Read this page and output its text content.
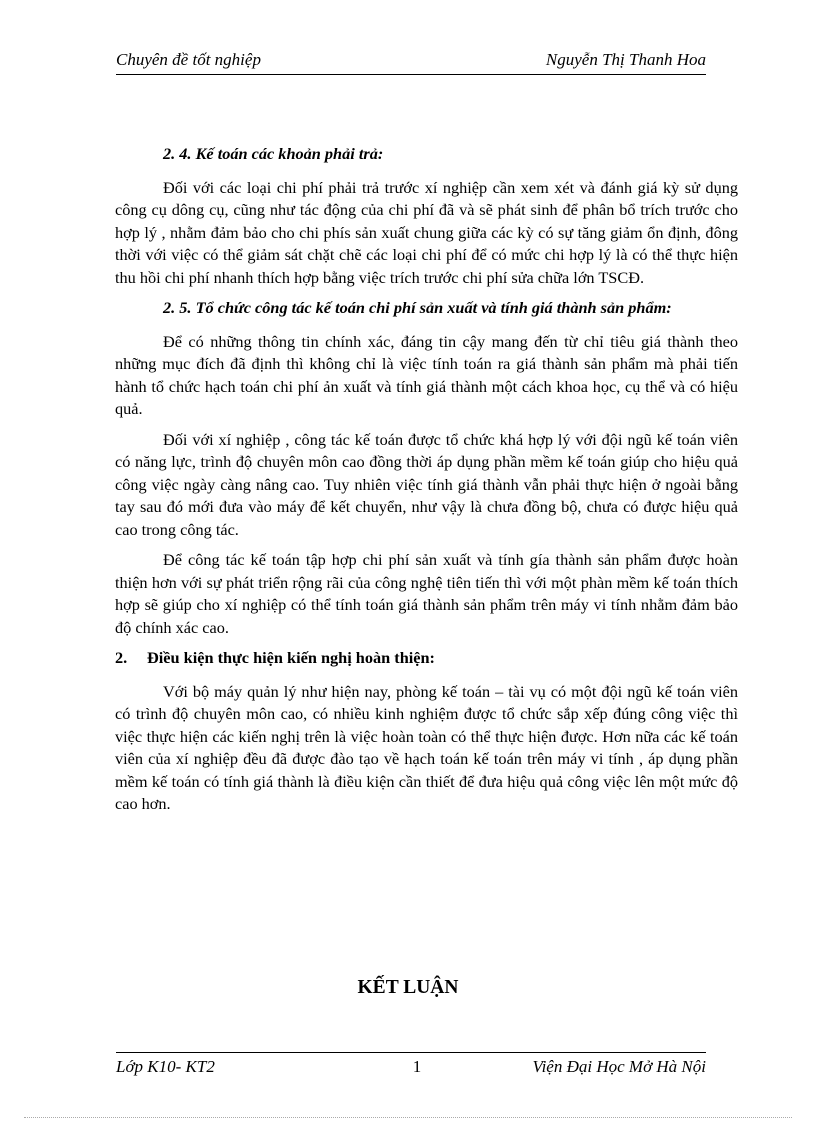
Chuyên đề tốt nghiệp	Nguyễn Thị Thanh Hoa

2. 4. Kế toán các khoản phải trả:

Đối với các loại chi phí phải trả trước xí nghiệp cần xem xét và đánh giá kỳ sử dụng công cụ dông cụ, cũng như tác động của chi phí đã và sẽ phát sinh để phân bổ trích trước cho hợp lý , nhằm đảm bảo cho chi phís sản xuất chung giữa các kỳ có sự tăng giảm ổn định, đông thời với việc có thể giảm sát chặt chẽ các loại chi phí để có mức chi hợp lý là có thể thực hiện thu hồi chi phí nhanh thích hợp bằng việc trích trước chi phí sửa chữa lớn TSCĐ.

2. 5. Tổ chức công tác kế toán chi phí sản xuất và tính giá thành sản phẩm:

Để có những thông tin chính xác, đáng tin cậy mang đến từ chỉ tiêu giá thành theo những mục đích đã định thì không chỉ là việc tính toán ra giá thành sản phẩm mà phải tiến hành tổ chức hạch toán chi phí ản xuất và tính giá thành một cách khoa học, cụ thể và có hiệu quả.

Đối với xí nghiệp , công tác kế toán được tổ chức khá hợp lý với đội ngũ kế toán viên có năng lực, trình độ chuyên môn cao đồng thời áp dụng phần mềm kế toán giúp cho hiệu quả công việc ngày càng nâng cao. Tuy nhiên việc tính giá thành vẫn phải thực hiện ở ngoài bằng tay sau đó mới đưa vào máy để kết chuyển, như vậy là chưa đồng bộ, chưa có được hiệu quả cao trong công tác.

Để công tác kế toán tập hợp chi phí sản xuất và tính gía thành sản phẩm được hoàn thiện hơn với sự phát triển rộng rãi của công nghệ tiên tiến thì với một phàn mềm kế toán thích hợp sẽ giúp cho xí nghiệp có thể tính toán giá thành sản phẩm trên máy vi tính nhằm đảm bảo độ chính xác cao.

2. Điều kiện thực hiện kiến nghị hoàn thiện:

Với bộ máy quản lý như hiện nay, phòng kế toán – tài vụ có một đội ngũ kế toán viên có trình độ chuyên môn cao, có nhiều kinh nghiệm được tổ chức sắp xếp đúng công việc thì việc thực hiện các kiến nghị trên là việc hoàn toàn có thể thực hiện được. Hơn nữa các kế toán viên của xí nghiệp đều đã được đào tạo về hạch toán kế toán trên máy vi tính , áp dụng phần mềm kế toán có tính giá thành là điều kiện cần thiết để đưa hiệu quả công việc lên một mức độ cao hơn.

KẾT LUẬN
Lớp K10- KT2	1	Viện Đại Học Mở Hà Nội
